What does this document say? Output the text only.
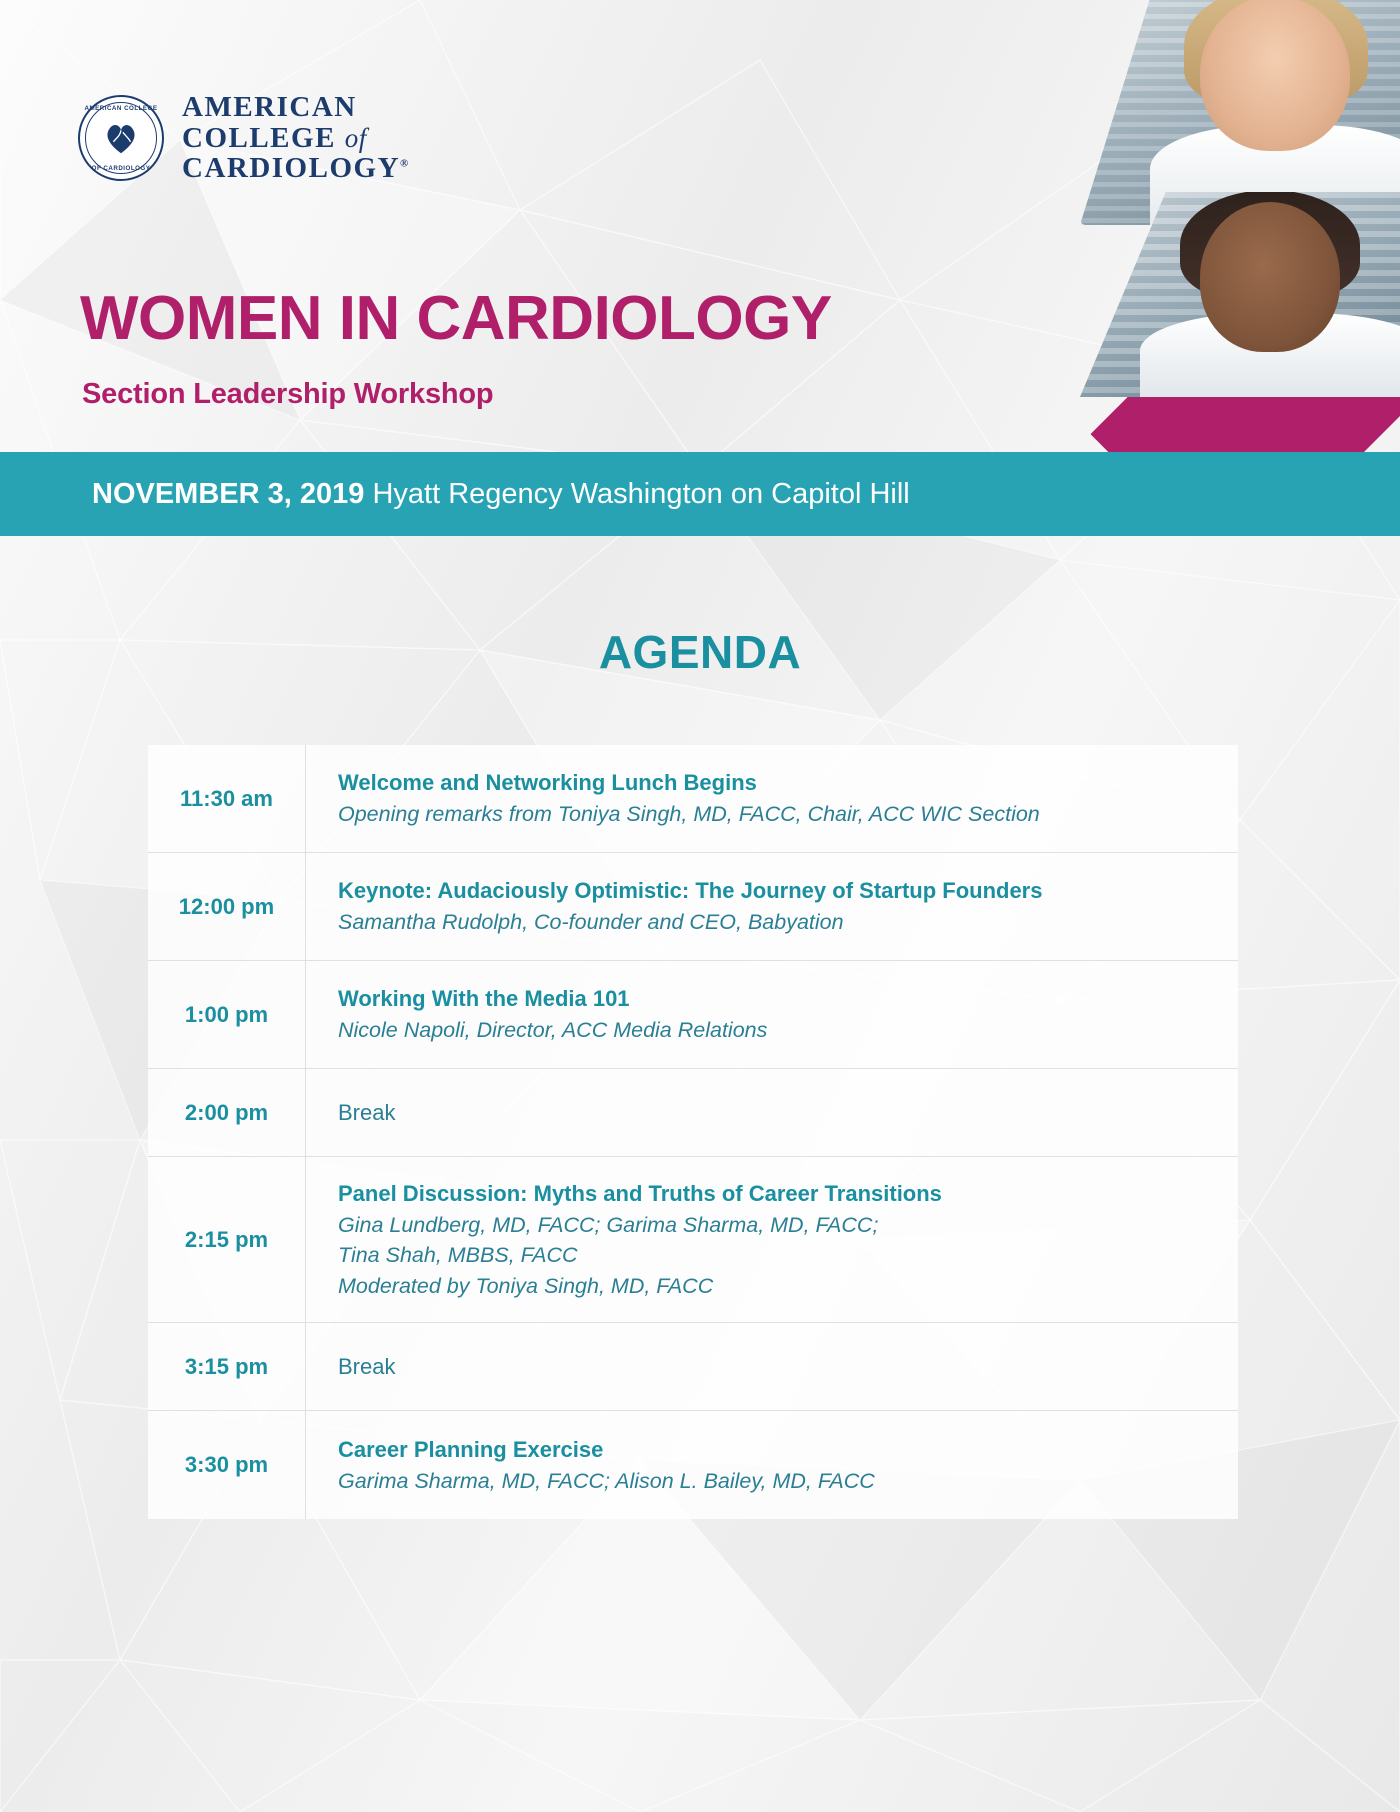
AMERICAN COLLEGE
OF CARDIOLOGY
AMERICAN
COLLEGE of
CARDIOLOGY®
WOMEN IN CARDIOLOGY
Section Leadership Workshop
NOVEMBER 3, 2019 Hyatt Regency Washington on Capitol Hill
AGENDA
11:30 am
Welcome and Networking Lunch Begins
Opening remarks from Toniya Singh, MD, FACC, Chair, ACC WIC Section
12:00 pm
Keynote: Audaciously Optimistic: The Journey of Startup Founders
Samantha Rudolph, Co-founder and CEO, Babyation
1:00 pm
Working With the Media 101
Nicole Napoli, Director, ACC Media Relations
2:00 pm	Break
2:15 pm
Panel Discussion: Myths and Truths of Career Transitions
Gina Lundberg, MD, FACC; Garima Sharma, MD, FACC;
Tina Shah, MBBS, FACC
Moderated by Toniya Singh, MD, FACC
3:15 pm	Break
3:30 pm
Career Planning Exercise
Garima Sharma, MD, FACC; Alison L. Bailey, MD, FACC
